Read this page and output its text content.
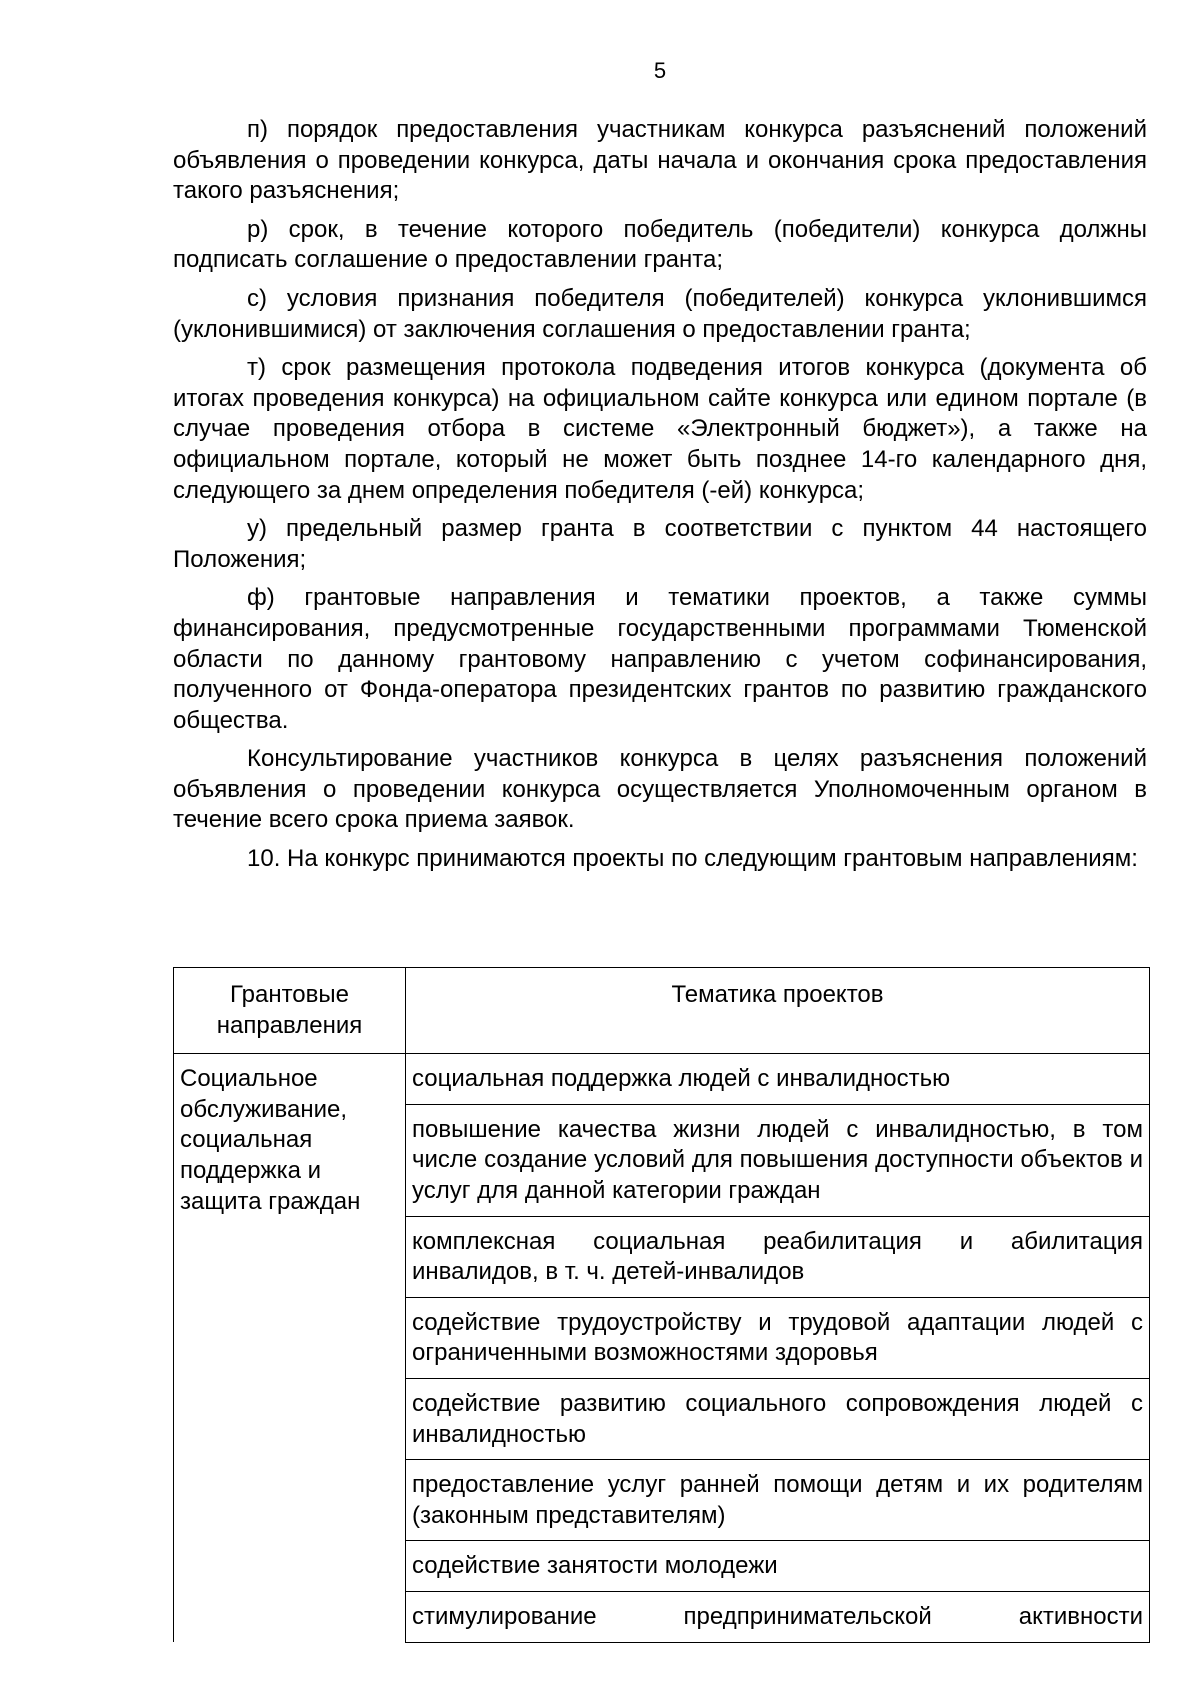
5

п) порядок предоставления участникам конкурса разъяснений положений объявления о проведении конкурса, даты начала и окончания срока предоставления такого разъяснения;

р) срок, в течение которого победитель (победители) конкурса должны подписать соглашение о предоставлении гранта;

с) условия признания победителя (победителей) конкурса уклонившимся (уклонившимися) от заключения соглашения о предоставлении гранта;

т) срок размещения протокола подведения итогов конкурса (документа об итогах проведения конкурса) на официальном сайте конкурса или едином портале (в случае проведения отбора в системе «Электронный бюджет»), а также на официальном портале, который не может быть позднее 14-го календарного дня, следующего за днем определения победителя (-ей) конкурса;

у) предельный размер гранта в соответствии с пунктом 44 настоящего Положения;

ф) грантовые направления и тематики проектов, а также суммы финансирования, предусмотренные государственными программами Тюменской области по данному грантовому направлению с учетом софинансирования, полученного от Фонда-оператора президентских грантов по развитию гражданского общества.

Консультирование участников конкурса в целях разъяснения положений объявления о проведении конкурса осуществляется Уполномоченным органом в течение всего срока приема заявок.

10. На конкурс принимаются проекты по следующим грантовым направлениям:

Грантовые направления	Тематика проектов
Социальное обслуживание, социальная поддержка и защита граждан	социальная поддержка людей с инвалидностью
	повышение качества жизни людей с инвалидностью, в том числе создание условий для повышения доступности объектов и услуг для данной категории граждан
	комплексная социальная реабилитация и абилитация инвалидов, в т. ч. детей-инвалидов
	содействие трудоустройству и трудовой адаптации людей с ограниченными возможностями здоровья
	содействие развитию социального сопровождения людей с инвалидностью
	предоставление услуг ранней помощи детям и их родителям (законным представителям)
	содействие занятости молодежи
	стимулирование предпринимательской активности
